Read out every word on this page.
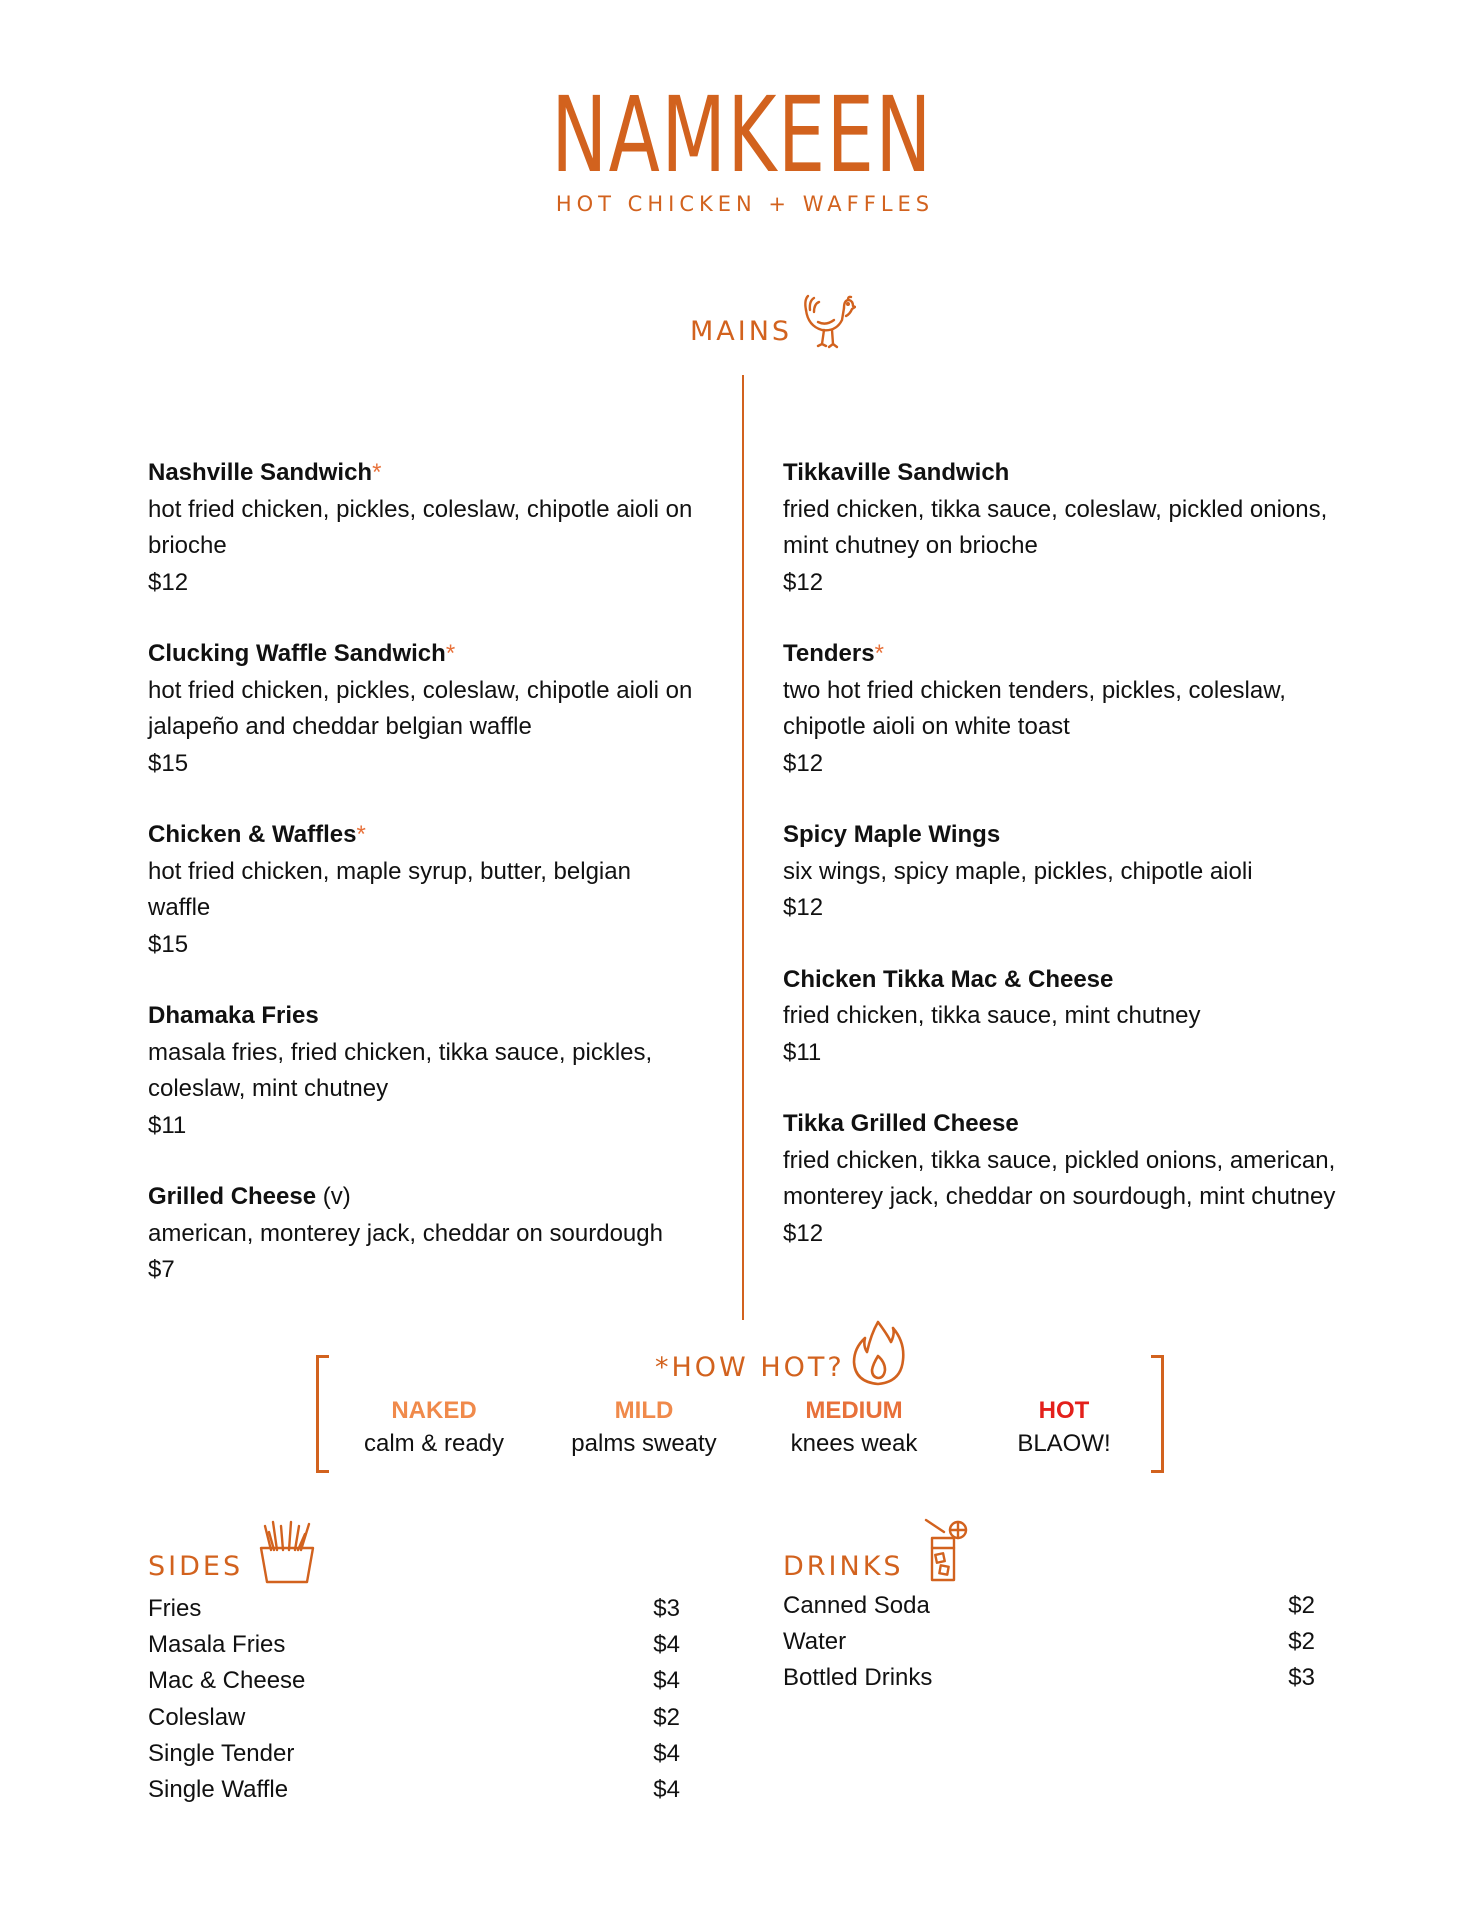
NAMKEEN
HOT CHICKEN + WAFFLES
MAINS
Nashville Sandwich*
hot fried chicken, pickles, coleslaw, chipotle aioli on brioche
$12
Clucking Waffle Sandwich*
hot fried chicken, pickles, coleslaw, chipotle aioli on jalapeño and cheddar belgian waffle
$15
Chicken & Waffles*
hot fried chicken, maple syrup, butter, belgian waffle
$15
Dhamaka Fries
masala fries, fried chicken, tikka sauce, pickles, coleslaw, mint chutney
$11
Grilled Cheese (v)
american, monterey jack, cheddar on sourdough
$7
Tikkaville Sandwich
fried chicken, tikka sauce, coleslaw, pickled onions, mint chutney on brioche
$12
Tenders*
two hot fried chicken tenders, pickles, coleslaw, chipotle aioli on white toast
$12
Spicy Maple Wings
six wings, spicy maple, pickles, chipotle aioli
$12
Chicken Tikka Mac & Cheese
fried chicken, tikka sauce, mint chutney
$11
Tikka Grilled Cheese
fried chicken, tikka sauce, pickled onions, american, monterey jack, cheddar on sourdough, mint chutney
$12
*HOW HOT?
NAKED
calm & ready
MILD
palms sweaty
MEDIUM
knees weak
HOT
BLAOW!
SIDES
Fries	$3
Masala Fries	$4
Mac & Cheese	$4
Coleslaw	$2
Single Tender	$4
Single Waffle	$4
DRINKS
Canned Soda	$2
Water	$2
Bottled Drinks	$3
